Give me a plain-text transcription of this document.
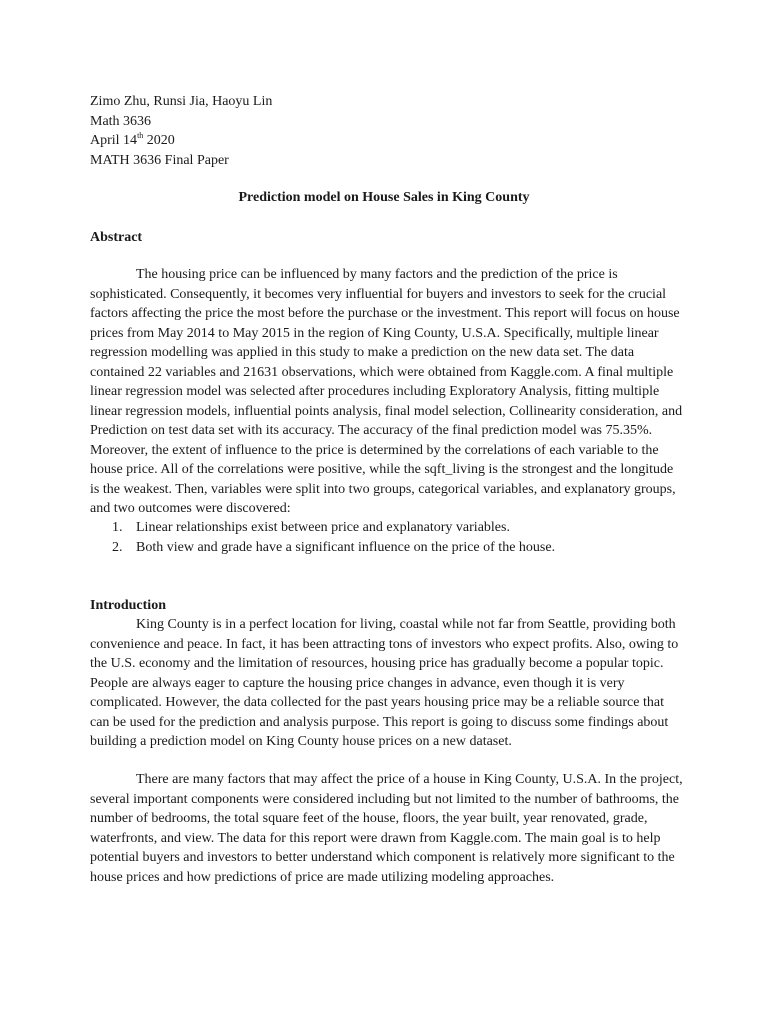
Zimo Zhu, Runsi Jia, Haoyu Lin
Math 3636
April 14th 2020
MATH 3636 Final Paper
Prediction model on House Sales in King County
Abstract
The housing price can be influenced by many factors and the prediction of the price is
sophisticated. Consequently, it becomes very influential for buyers and investors to seek for the crucial
factors affecting the price the most before the purchase or the investment. This report will focus on house
prices from May 2014 to May 2015 in the region of King County, U.S.A. Specifically, multiple linear
regression modelling was applied in this study to make a prediction on the new data set. The data
contained 22 variables and 21631 observations, which were obtained from Kaggle.com. A final multiple
linear regression model was selected after procedures including Exploratory Analysis, fitting multiple
linear regression models, influential points analysis, final model selection, Collinearity consideration, and
Prediction on test data set with its accuracy. The accuracy of the final prediction model was 75.35%.
Moreover, the extent of influence to the price is determined by the correlations of each variable to the
house price. All of the correlations were positive, while the sqft_living is the strongest and the longitude
is the weakest. Then, variables were split into two groups, categorical variables, and explanatory groups,
and two outcomes were discovered:
1. Linear relationships exist between price and explanatory variables.
2. Both view and grade have a significant influence on the price of the house.
Introduction
King County is in a perfect location for living, coastal while not far from Seattle, providing both
convenience and peace. In fact, it has been attracting tons of investors who expect profits. Also, owing to
the U.S. economy and the limitation of resources, housing price has gradually become a popular topic.
People are always eager to capture the housing price changes in advance, even though it is very
complicated. However, the data collected for the past years housing price may be a reliable source that
can be used for the prediction and analysis purpose. This report is going to discuss some findings about
building a prediction model on King County house prices on a new dataset.
There are many factors that may affect the price of a house in King County, U.S.A. In the project,
several important components were considered including but not limited to the number of bathrooms, the
number of bedrooms, the total square feet of the house, floors, the year built, year renovated, grade,
waterfronts, and view. The data for this report were drawn from Kaggle.com. The main goal is to help
potential buyers and investors to better understand which component is relatively more significant to the
house prices and how predictions of price are made utilizing modeling approaches.
